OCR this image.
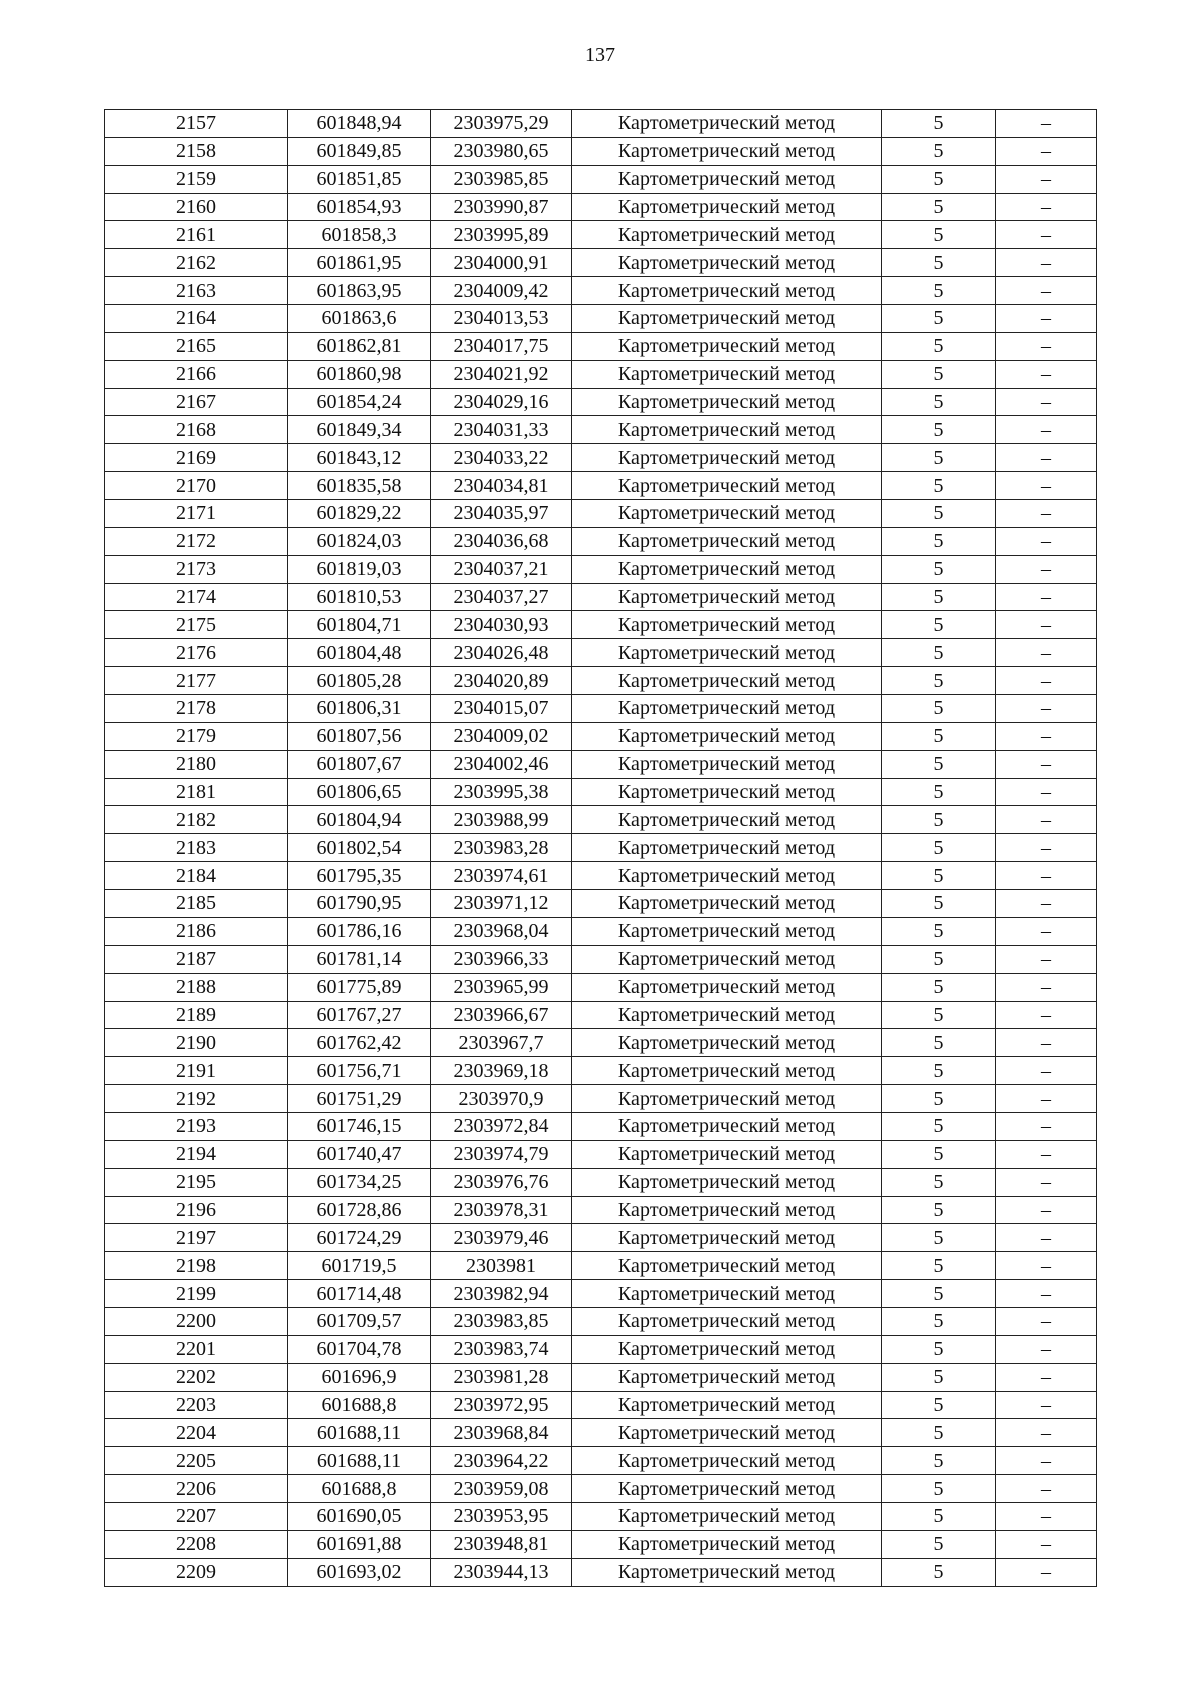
137
2157	601848,94	2303975,29	Картометрический метод	5	–
2158	601849,85	2303980,65	Картометрический метод	5	–
2159	601851,85	2303985,85	Картометрический метод	5	–
2160	601854,93	2303990,87	Картометрический метод	5	–
2161	601858,3	2303995,89	Картометрический метод	5	–
2162	601861,95	2304000,91	Картометрический метод	5	–
2163	601863,95	2304009,42	Картометрический метод	5	–
2164	601863,6	2304013,53	Картометрический метод	5	–
2165	601862,81	2304017,75	Картометрический метод	5	–
2166	601860,98	2304021,92	Картометрический метод	5	–
2167	601854,24	2304029,16	Картометрический метод	5	–
2168	601849,34	2304031,33	Картометрический метод	5	–
2169	601843,12	2304033,22	Картометрический метод	5	–
2170	601835,58	2304034,81	Картометрический метод	5	–
2171	601829,22	2304035,97	Картометрический метод	5	–
2172	601824,03	2304036,68	Картометрический метод	5	–
2173	601819,03	2304037,21	Картометрический метод	5	–
2174	601810,53	2304037,27	Картометрический метод	5	–
2175	601804,71	2304030,93	Картометрический метод	5	–
2176	601804,48	2304026,48	Картометрический метод	5	–
2177	601805,28	2304020,89	Картометрический метод	5	–
2178	601806,31	2304015,07	Картометрический метод	5	–
2179	601807,56	2304009,02	Картометрический метод	5	–
2180	601807,67	2304002,46	Картометрический метод	5	–
2181	601806,65	2303995,38	Картометрический метод	5	–
2182	601804,94	2303988,99	Картометрический метод	5	–
2183	601802,54	2303983,28	Картометрический метод	5	–
2184	601795,35	2303974,61	Картометрический метод	5	–
2185	601790,95	2303971,12	Картометрический метод	5	–
2186	601786,16	2303968,04	Картометрический метод	5	–
2187	601781,14	2303966,33	Картометрический метод	5	–
2188	601775,89	2303965,99	Картометрический метод	5	–
2189	601767,27	2303966,67	Картометрический метод	5	–
2190	601762,42	2303967,7	Картометрический метод	5	–
2191	601756,71	2303969,18	Картометрический метод	5	–
2192	601751,29	2303970,9	Картометрический метод	5	–
2193	601746,15	2303972,84	Картометрический метод	5	–
2194	601740,47	2303974,79	Картометрический метод	5	–
2195	601734,25	2303976,76	Картометрический метод	5	–
2196	601728,86	2303978,31	Картометрический метод	5	–
2197	601724,29	2303979,46	Картометрический метод	5	–
2198	601719,5	2303981	Картометрический метод	5	–
2199	601714,48	2303982,94	Картометрический метод	5	–
2200	601709,57	2303983,85	Картометрический метод	5	–
2201	601704,78	2303983,74	Картометрический метод	5	–
2202	601696,9	2303981,28	Картометрический метод	5	–
2203	601688,8	2303972,95	Картометрический метод	5	–
2204	601688,11	2303968,84	Картометрический метод	5	–
2205	601688,11	2303964,22	Картометрический метод	5	–
2206	601688,8	2303959,08	Картометрический метод	5	–
2207	601690,05	2303953,95	Картометрический метод	5	–
2208	601691,88	2303948,81	Картометрический метод	5	–
2209	601693,02	2303944,13	Картометрический метод	5	–
